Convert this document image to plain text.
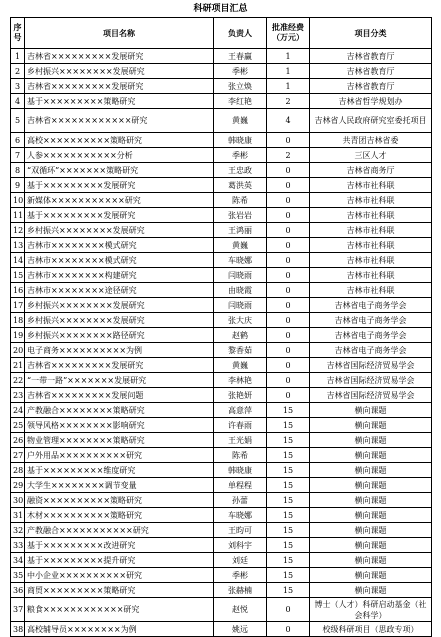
科研项目汇总
序号	项目名称	负责人	批准经费（万元）	项目分类
1	吉林省×××××××××发展研究	王春赢	1	吉林省教育厅
2	乡村振兴××××××××发展研究	季彬	1	吉林省教育厅
3	吉林省×××××××××发展研究	张立焕	1	吉林省教育厅
4	基于×××××××××策略研究	李红艳	2	吉林省哲学规划办
5	吉林省××××××××××××研究	黄巍	4	吉林省人民政府研究室委托项目
6	高校××××××××××策略研究	韩晓康	0	共青团吉林省委
7	人参×××××××××××分析	季彬	2	三区人才
8	“双循环”×××××××策略研究	王忠政	0	吉林省商务厅
9	基于×××××××××发展研究	葛洪英	0	吉林市社科联
10	新媒体×××××××××××研究	陈希	0	吉林市社科联
11	基于×××××××××发展研究	张岩岩	0	吉林市社科联
12	乡村振兴××××××××发展研究	王鸿丽	0	吉林市社科联
13	吉林市××××××××模式研究	黄巍	0	吉林市社科联
14	吉林市××××××××模式研究	车晓娜	0	吉林市社科联
15	吉林市××××××××构建研究	闫晓雨	0	吉林市社科联
16	吉林市××××××××途径研究	由晓霞	0	吉林市社科联
17	乡村振兴××××××××发展研究	闫晓雨	0	吉林省电子商务学会
18	乡村振兴××××××××发展研究	张大庆	0	吉林省电子商务学会
19	乡村振兴××××××××路径研究	赵鹤	0	吉林省电子商务学会
20	电子商务××××××××××为例	黎香茹	0	吉林省电子商务学会
21	吉林省×××××××××发展研究	黄巍	0	吉林省国际经济贸易学会
22	“一带一路”×××××××发展研究	李林艳	0	吉林省国际经济贸易学会
23	吉林省×××××××××发展问题	张艳妍	0	吉林省国际经济贸易学会
24	产教融合××××××××策略研究	高意萍	15	横向课题
25	领导风格××××××××影响研究	许春雨	15	横向课题
26	物业管理××××××××策略研究	王光娟	15	横向课题
27	户外用品××××××××××研究	陈希	15	横向课题
28	基于×××××××××维度研究	韩晓康	15	横向课题
29	大学生××××××××调节变量	单程程	15	横向课题
30	融资××××××××××策略研究	孙蕾	15	横向课题
31	木材××××××××××策略研究	车晓娜	15	横向课题
32	产教融合×××××××××××研究	王昀可	15	横向课题
33	基于×××××××××改进研究	刘科宇	15	横向课题
34	基于×××××××××提升研究	刘廷	15	横向课题
35	中小企业××××××××××研究	季彬	15	横向课题
36	商贸×××××××××策略研究	张赫楠	15	横向课题
37	粮食××××××××××××研究	赵悦	0	博士（人才）科研启动基金（社会科学）
38	高校辅导员××××××××为例	姚远	0	校级科研项目（思政专项）
